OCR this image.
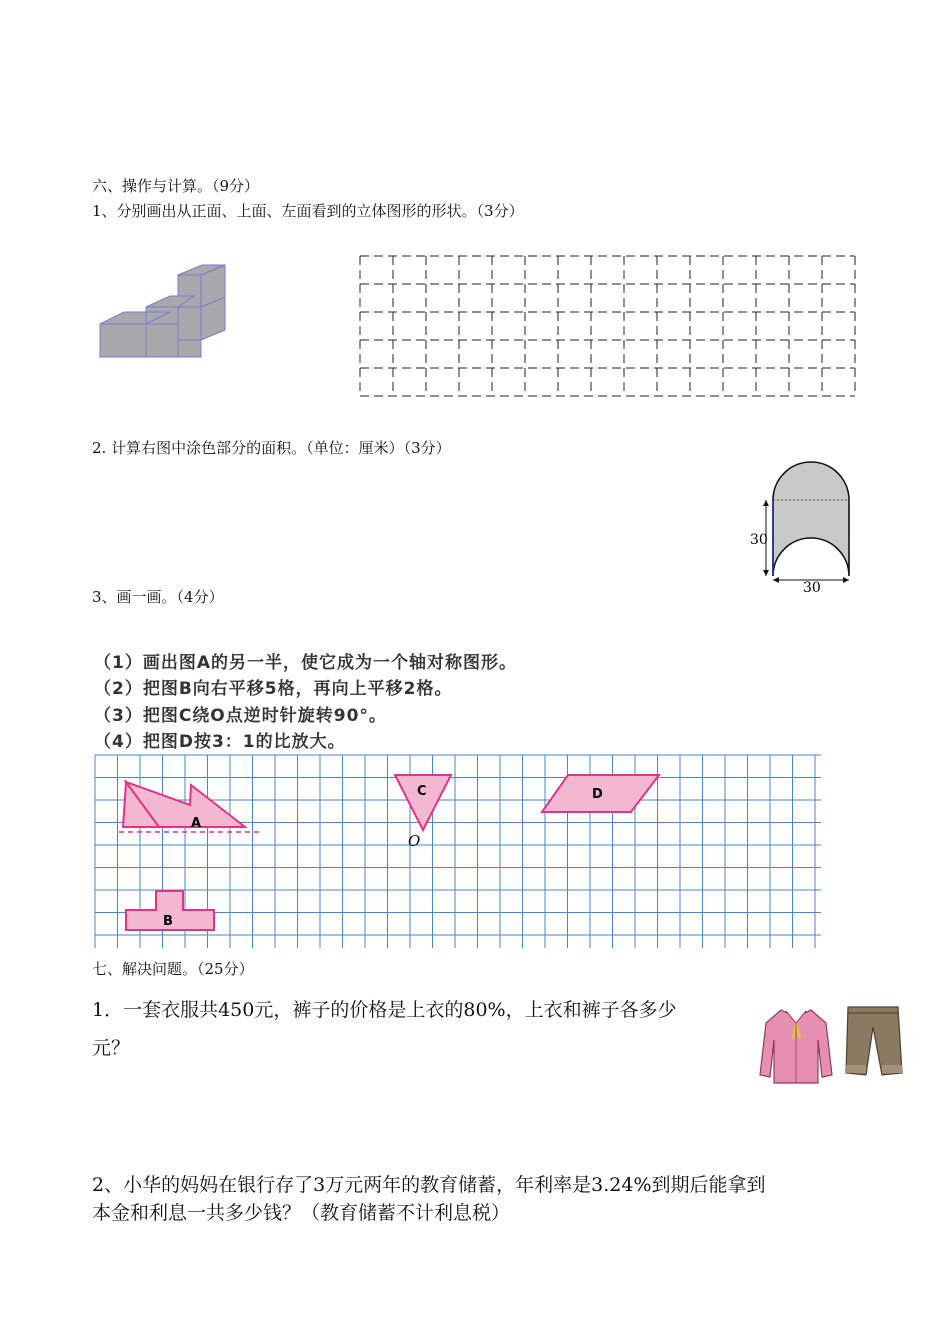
六、操作与计算。（9分）
1、分别画出从正面、上面、左面看到的立体图形的形状。（3分）
2. 计算右图中涂色部分的面积。（单位：厘米）（3分）
30
30
3、画一画。（4分）
（1）画出图A的另一半，使它成为一个轴对称图形。
（2）把图B向右平移5格，再向上平移2格。
（3）把图C绕O点逆时针旋转90°。
（4）把图D按3：1的比放大。
A
B
C
O
D
七、解决问题。（25分）
1．一套衣服共450元，裤子的价格是上衣的80%，上衣和裤子各多少
元？
2、小华的妈妈在银行存了3万元两年的教育储蓄，年利率是3.24%到期后能拿到
本金和利息一共多少钱？（教育储蓄不计利息税）
